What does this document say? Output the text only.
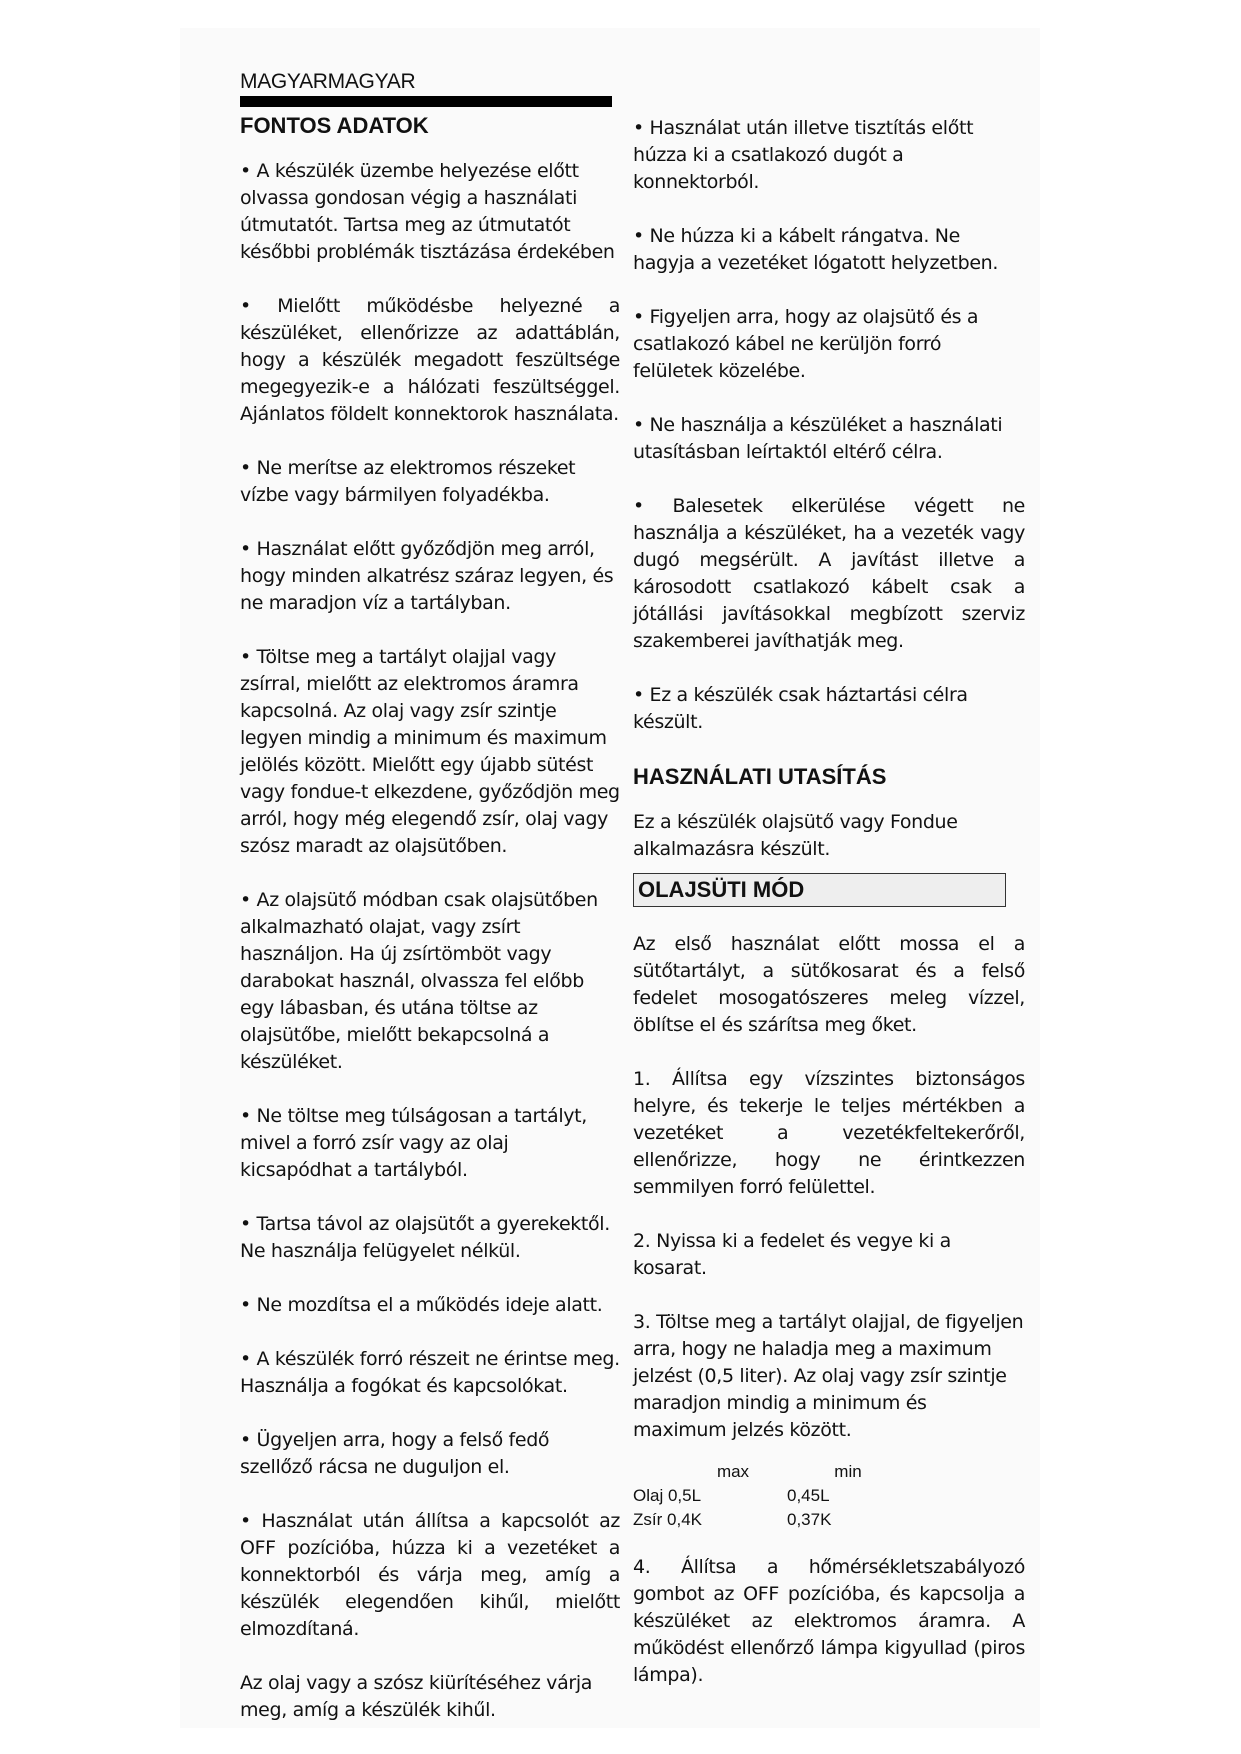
MAGYARMAGYAR
FONTOS ADATOK

• A készülék üzembe helyezése előtt olvassa gondosan végig a használati útmutatót. Tartsa meg az útmutatót későbbi problémák tisztázása érdekében

• Mielőtt működésbe helyezné a készüléket, ellenőrizze az adattáblán, hogy a készülék megadott feszültsége megegyezik-e a hálózati feszültséggel. Ajánlatos földelt konnektorok használata.

• Ne merítse az elektromos részeket vízbe vagy bármilyen folyadékba.

• Használat előtt győződjön meg arról, hogy minden alkatrész száraz legyen, és ne maradjon víz a tartályban.

• Töltse meg a tartályt olajjal vagy zsírral, mielőtt az elektromos áramra kapcsolná. Az olaj vagy zsír szintje legyen mindig a minimum és maximum jelölés között. Mielőtt egy újabb sütést vagy fondue-t elkezdene, győződjön meg arról, hogy még elegendő zsír, olaj vagy szósz maradt az olajsütőben.

• Az olajsütő módban csak olajsütőben alkalmazható olajat, vagy zsírt használjon. Ha új zsírtömböt vagy darabokat használ, olvassza fel előbb egy lábasban, és utána töltse az olajsütőbe, mielőtt bekapcsolná a készüléket.

• Ne töltse meg túlságosan a tartályt, mivel a forró zsír vagy az olaj kicsapódhat a tartályból.

• Tartsa távol az olajsütőt a gyerekektől. Ne használja felügyelet nélkül.

• Ne mozdítsa el a működés ideje alatt.

• A készülék forró részeit ne érintse meg. Használja a fogókat és kapcsolókat.

• Ügyeljen arra, hogy a felső fedő szellőző rácsa ne duguljon el.

• Használat után állítsa a kapcsolót az OFF pozícióba, húzza ki a vezetéket a konnektorból és várja meg, amíg a készülék elegendően kihűl, mielőtt elmozdítaná.

Az olaj vagy a szósz kiürítéséhez várja meg, amíg a készülék kihűl.

• Használat után illetve tisztítás előtt húzza ki a csatlakozó dugót a konnektorból.

• Ne húzza ki a kábelt rángatva. Ne hagyja a vezetéket lógatott helyzetben.

• Figyeljen arra, hogy az olajsütő és a csatlakozó kábel ne kerüljön forró felületek közelébe.

• Ne használja a készüléket a használati utasításban leírtaktól eltérő célra.

• Balesetek elkerülése végett ne használja a készüléket, ha a vezeték vagy dugó megsérült. A javítást illetve a károsodott csatlakozó kábelt csak a jótállási javításokkal megbízott szerviz szakemberei javíthatják meg.

• Ez a készülék csak háztartási célra készült.

HASZNÁLATI UTASÍTÁS

Ez a készülék olajsütő vagy Fondue alkalmazásra készült.

OLAJSÜTI MÓD

Az első használat előtt mossa el a sütőtartályt, a sütőkosarat és a felső fedelet mosogatószeres meleg vízzel, öblítse el és szárítsa meg őket.

1. Állítsa egy vízszintes biztonságos helyre, és tekerje le teljes mértékben a vezetéket a vezetékfeltekerőről, ellenőrizze, hogy ne érintkezzen semmilyen forró felülettel.

2. Nyissa ki a fedelet és vegye ki a kosarat.

3. Töltse meg a tartályt olajjal, de figyeljen arra, hogy ne haladja meg a maximum jelzést (0,5 liter). Az olaj vagy zsír szintje maradjon mindig a minimum és maximum jelzés között.

	max	min
Olaj 0,5L		0,45L
Zsír 0,4K		0,37K

4. Állítsa a hőmérsékletszabályozó gombot az OFF pozícióba, és kapcsolja a készüléket az elektromos áramra. A működést ellenőrző lámpa kigyullad (piros lámpa).
